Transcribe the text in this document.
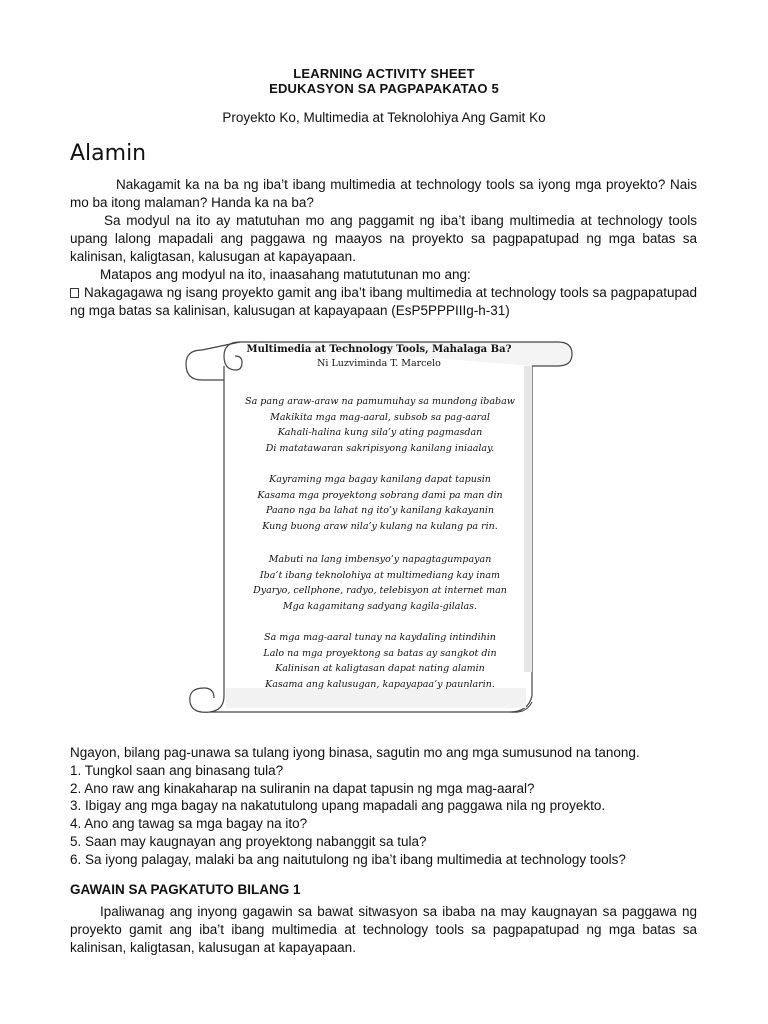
LEARNING ACTIVITY SHEET
EDUKASYON SA PAGPAPAKATAO 5
Proyekto Ko, Multimedia at Teknolohiya Ang Gamit Ko
Alamin

Nakagamit ka na ba ng iba’t ibang multimedia at technology tools sa iyong mga proyekto? Nais mo ba itong malaman? Handa ka na ba?

Sa modyul na ito ay matutuhan mo ang paggamit ng iba’t ibang multimedia at technology tools upang lalong mapadali ang paggawa ng maayos na proyekto sa pagpapatupad ng mga batas sa kalinisan, kaligtasan, kalusugan at kapayapaan.

Matapos ang modyul na ito, inaasahang matututunan mo ang:

Nakagagawa ng isang proyekto gamit ang iba’t ibang multimedia at technology tools sa pagpapatupad ng mga batas sa kalinisan, kalusugan at kapayapaan (EsP5PPPIIIg-h-31)

Multimedia at Technology Tools, Mahalaga Ba?
Ni Luzviminda T. Marcelo
Sa pang araw-araw na pamumuhay sa mundong ibabaw
Makikita mga mag-aaral, subsob sa pag-aaral
Kahali-halina kung sila’y ating pagmasdan
Di matatawaran sakripisyong kanilang iniaalay.
Kayraming mga bagay kanilang dapat tapusin
Kasama mga proyektong sobrang dami pa man din
Paano nga ba lahat ng ito’y kanilang kakayanin
Kung buong araw nila’y kulang na kulang pa rin.
Mabuti na lang imbensyo’y napagtagumpayan
Iba’t ibang teknolohiya at multimediang kay inam
Dyaryo, cellphone, radyo, telebisyon at internet man
Mga kagamitang sadyang kagila-gilalas.
Sa mga mag-aaral tunay na kaydaling intindihin
Lalo na mga proyektong sa batas ay sangkot din
Kalinisan at kaligtasan dapat nating alamin
Kasama ang kalusugan, kapayapaa’y paunlarin.

Ngayon, bilang pag-unawa sa tulang iyong binasa, sagutin mo ang mga sumusunod na tanong.

1. Tungkol saan ang binasang tula?

2. Ano raw ang kinakaharap na suliranin na dapat tapusin ng mga mag-aaral?

3. Ibigay ang mga bagay na nakatutulong upang mapadali ang paggawa nila ng proyekto.

4. Ano ang tawag sa mga bagay na ito?

5. Saan may kaugnayan ang proyektong nabanggit sa tula?

6. Sa iyong palagay, malaki ba ang naitutulong ng iba’t ibang multimedia at technology tools?

GAWAIN SA PAGKATUTO BILANG 1

Ipaliwanag ang inyong gagawin sa bawat sitwasyon sa ibaba na may kaugnayan sa paggawa ng proyekto gamit ang iba’t ibang multimedia at technology tools sa pagpapatupad ng mga batas sa kalinisan, kaligtasan, kalusugan at kapayapaan.
